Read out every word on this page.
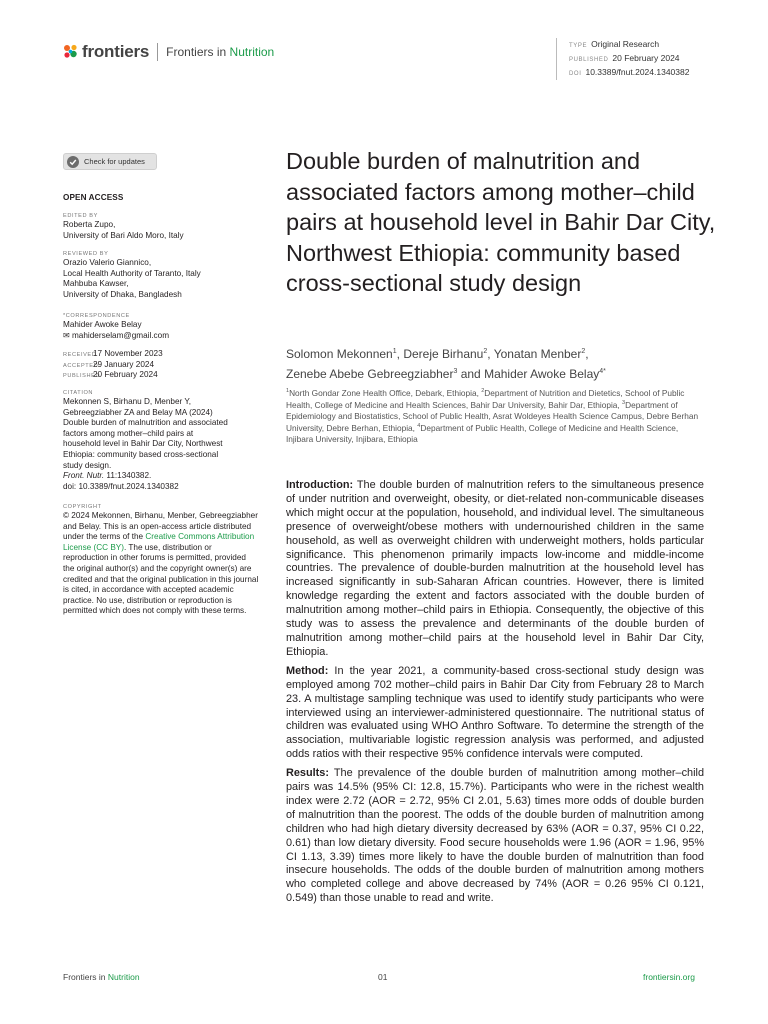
frontiers Frontiers in Nutrition	TYPE Original Research
PUBLISHED 20 February 2024
DOI 10.3389/fnut.2024.1340382
Check for updates
OPEN ACCESS
EDITED BY
Roberta Zupo,
University of Bari Aldo Moro, Italy
REVIEWED BY
Orazio Valerio Giannico,
Local Health Authority of Taranto, Italy
Mahbuba Kawser,
University of Dhaka, Bangladesh
*CORRESPONDENCE
Mahider Awoke Belay
✉ mahiderselam@gmail.com
RECEIVED17 November 2023
ACCEPTED29 January 2024
PUBLISHED20 February 2024
CITATION
Mekonnen S, Birhanu D, Menber Y,
Gebreegziabher ZA and Belay MA (2024)
Double burden of malnutrition and associated
factors among mother–child pairs at
household level in Bahir Dar City, Northwest
Ethiopia: community based cross-sectional
study design.
Front. Nutr. 11:1340382.
doi: 10.3389/fnut.2024.1340382
COPYRIGHT
© 2024 Mekonnen, Birhanu, Menber, Gebreegziabher and Belay. This is an open-access article distributed under the terms of the Creative Commons Attribution License (CC BY). The use, distribution or reproduction in other forums is permitted, provided the original author(s) and the copyright owner(s) are credited and that the original publication in this journal is cited, in accordance with accepted academic practice. No use, distribution or reproduction is permitted which does not comply with these terms.
Double burden of malnutrition and associated factors among mother–child pairs at household level in Bahir Dar City, Northwest Ethiopia: community based cross-sectional study design
Solomon Mekonnen$^1$, Dereje Birhanu$^2$, Yonatan Menber$^2$,
Zenebe Abebe Gebreegziabher$^3$ and Mahider Awoke Belay$^{4*}$
$^1$North Gondar Zone Health Office, Debark, Ethiopia, $^2$Department of Nutrition and Dietetics, School of Public Health, College of Medicine and Health Sciences, Bahir Dar University, Bahir Dar, Ethiopia, $^3$Department of Epidemiology and Biostatistics, School of Public Health, Asrat Woldeyes Health Science Campus, Debre Berhan University, Debre Berhan, Ethiopia, $^4$Department of Public Health, College of Medicine and Health Science, Injibara University, Injibara, Ethiopia

Introduction: The double burden of malnutrition refers to the simultaneous presence of under nutrition and overweight, obesity, or diet-related non-communicable diseases which might occur at the population, household, and individual level. The simultaneous presence of overweight/obese mothers with undernourished children in the same household, as well as overweight children with underweight mothers, holds particular significance. This phenomenon primarily impacts low-income and middle-income countries. The prevalence of double-burden malnutrition at the household level has increased significantly in sub-Saharan African countries. However, there is limited knowledge regarding the extent and factors associated with the double burden of malnutrition among mother–child pairs in Ethiopia. Consequently, the objective of this study was to assess the prevalence and determinants of the double burden of malnutrition among mother–child pairs at the household level in Bahir Dar City, Ethiopia.

Method: In the year 2021, a community-based cross-sectional study design was employed among 702 mother–child pairs in Bahir Dar City from February 28 to March 23. A multistage sampling technique was used to identify study participants who were interviewed using an interviewer-administered questionnaire. The nutritional status of children was evaluated using WHO Anthro Software. To determine the strength of the association, multivariable logistic regression analysis was performed, and adjusted odds ratios with their respective 95% confidence intervals were computed.

Results: The prevalence of the double burden of malnutrition among mother–child pairs was 14.5% (95% CI: 12.8, 15.7%). Participants who were in the richest wealth index were 2.72 (AOR = 2.72, 95% CI 2.01, 5.63) times more odds of double burden of malnutrition than the poorest. The odds of the double burden of malnutrition among children who had high dietary diversity decreased by 63% (AOR = 0.37, 95% CI 0.22, 0.61) than low dietary diversity. Food secure households were 1.96 (AOR = 1.96, 95% CI 1.13, 3.39) times more likely to have the double burden of malnutrition than food insecure households. The odds of the double burden of malnutrition among mothers who completed college and above decreased by 74% (AOR = 0.26 95% CI 0.121, 0.549) than those unable to read and write.

Frontiers in Nutrition	01	frontiersin.org
